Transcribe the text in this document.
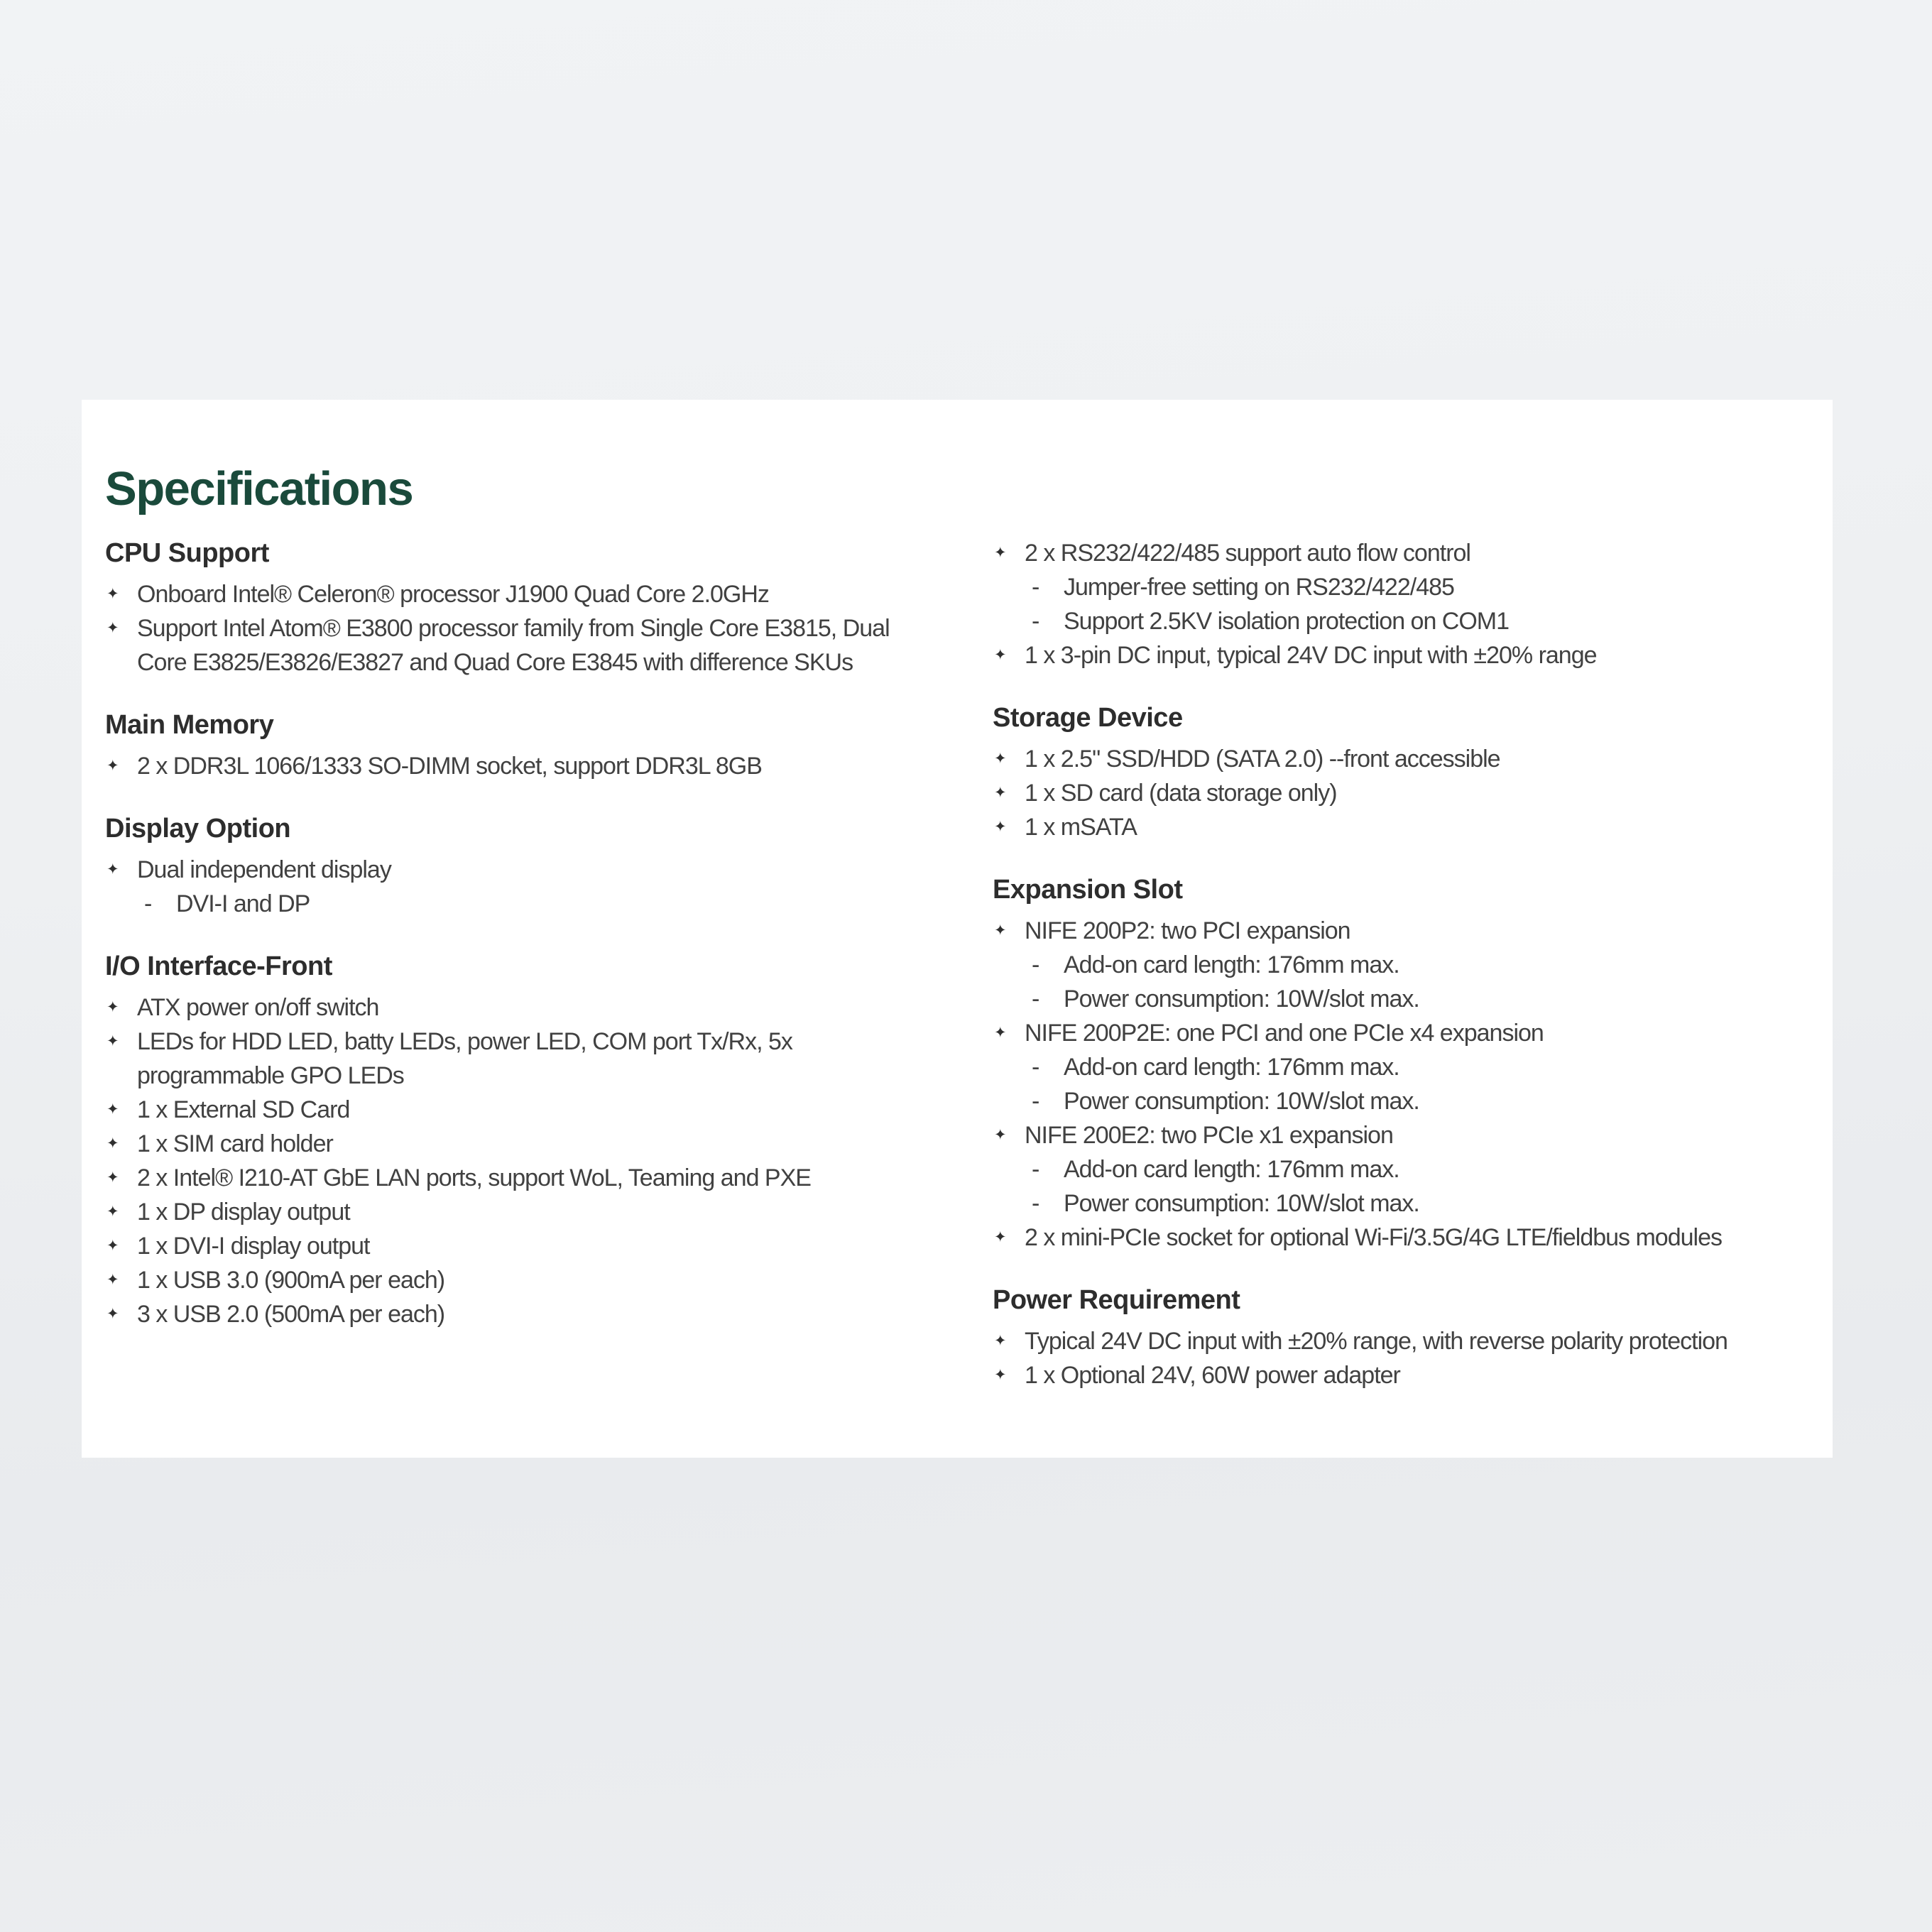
Specifications
CPU Support
✦ Onboard Intel® Celeron® processor J1900 Quad Core 2.0GHz
✦ Support Intel Atom® E3800 processor family from Single Core E3815, Dual Core E3825/E3826/E3827 and Quad Core E3845 with difference SKUs
Main Memory
✦ 2 x DDR3L 1066/1333 SO-DIMM socket, support DDR3L 8GB
Display Option
✦ Dual independent display
- DVI-I and DP
I/O Interface-Front
✦ ATX power on/off switch
✦ LEDs for HDD LED, batty LEDs, power LED, COM port Tx/Rx, 5x programmable GPO LEDs
✦ 1 x External SD Card
✦ 1 x SIM card holder
✦ 2 x Intel® I210-AT GbE LAN ports, support WoL, Teaming and PXE
✦ 1 x DP display output
✦ 1 x DVI-I display output
✦ 1 x USB 3.0 (900mA per each)
✦ 3 x USB 2.0 (500mA per each)
✦ 2 x RS232/422/485 support auto flow control
- Jumper-free setting on RS232/422/485
- Support 2.5KV isolation protection on COM1
✦ 1 x 3-pin DC input, typical 24V DC input with ±20% range
Storage Device
✦ 1 x 2.5" SSD/HDD (SATA 2.0) --front accessible
✦ 1 x SD card (data storage only)
✦ 1 x mSATA
Expansion Slot
✦ NIFE 200P2: two PCI expansion
- Add-on card length: 176mm max.
- Power consumption: 10W/slot max.
✦ NIFE 200P2E: one PCI and one PCIe x4 expansion
- Add-on card length: 176mm max.
- Power consumption: 10W/slot max.
✦ NIFE 200E2: two PCIe x1 expansion
- Add-on card length: 176mm max.
- Power consumption: 10W/slot max.
✦ 2 x mini-PCIe socket for optional Wi-Fi/3.5G/4G LTE/fieldbus modules
Power Requirement
✦ Typical 24V DC input with ±20% range, with reverse polarity protection
✦ 1 x Optional 24V, 60W power adapter
